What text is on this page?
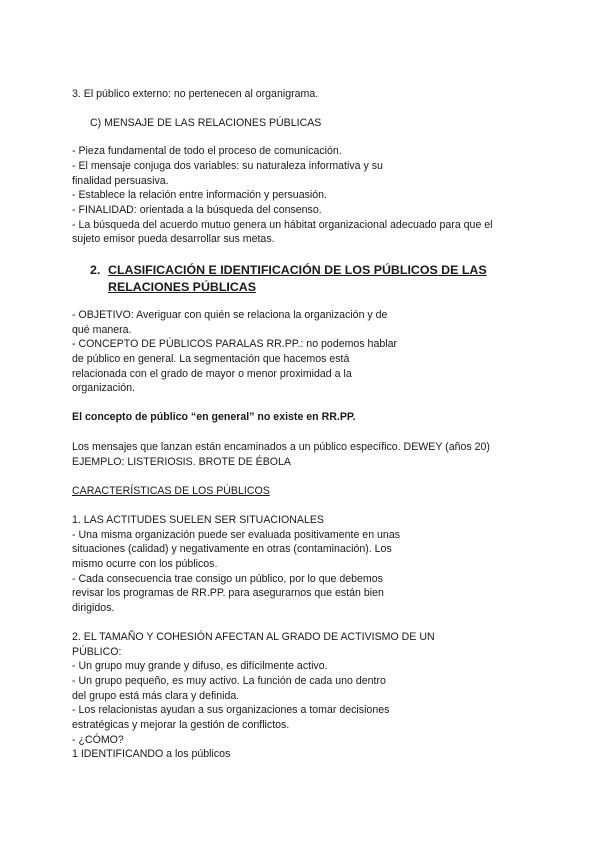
3. El público externo: no pertenecen al organigrama.
C) MENSAJE DE LAS RELACIONES PÚBLICAS
- Pieza fundamental de todo el proceso de comunicación.
- El mensaje conjuga dos variables: su naturaleza informativa y su
finalidad persuasiva.
- Establece la relación entre información y persuasión.
- FINALIDAD: orientada a la búsqueda del consenso.
- La búsqueda del acuerdo mutuo genera un hábitat organizacional adecuado para que el
sujeto emisor pueda desarrollar sus metas.
2. CLASIFICACIÓN E IDENTIFICACIÓN DE LOS PÚBLICOS DE LAS
RELACIONES PÚBLICAS
- OBJETIVO: Averiguar con quién se relaciona la organización y de
qué manera.
- CONCEPTO DE PÚBLICOS PARALAS RR.PP.: no podemos hablar
de público en general. La segmentación que hacemos está
relacionada con el grado de mayor o menor proximidad a la
organización.
El concepto de público “en general” no existe en RR.PP.
Los mensajes que lanzan están encaminados a un público específico. DEWEY (años 20)
EJEMPLO: LISTERIOSIS. BROTE DE ÉBOLA
CARACTERÍSTICAS DE LOS PÚBLICOS
1. LAS ACTITUDES SUELEN SER SITUACIONALES
- Una misma organización puede ser evaluada positivamente en unas
situaciones (calidad) y negativamente en otras (contaminación). Los
mismo ocurre con los públicos.
- Cada consecuencia trae consigo un público, por lo que debemos
revisar los programas de RR.PP. para asegurarnos que están bien
dirigidos.
2. EL TAMAÑO Y COHESIÓN AFECTAN AL GRADO DE ACTIVISMO DE UN
PÚBLICO:
- Un grupo muy grande y difuso, es difícilmente activo.
- Un grupo pequeño, es muy activo. La función de cada uno dentro
del grupo está más clara y definida.
- Los relacionistas ayudan a sus organizaciones a tomar decisiones
estratégicas y mejorar la gestión de conflictos.
- ¿CÓMO?
1 IDENTIFICANDO a los públicos
